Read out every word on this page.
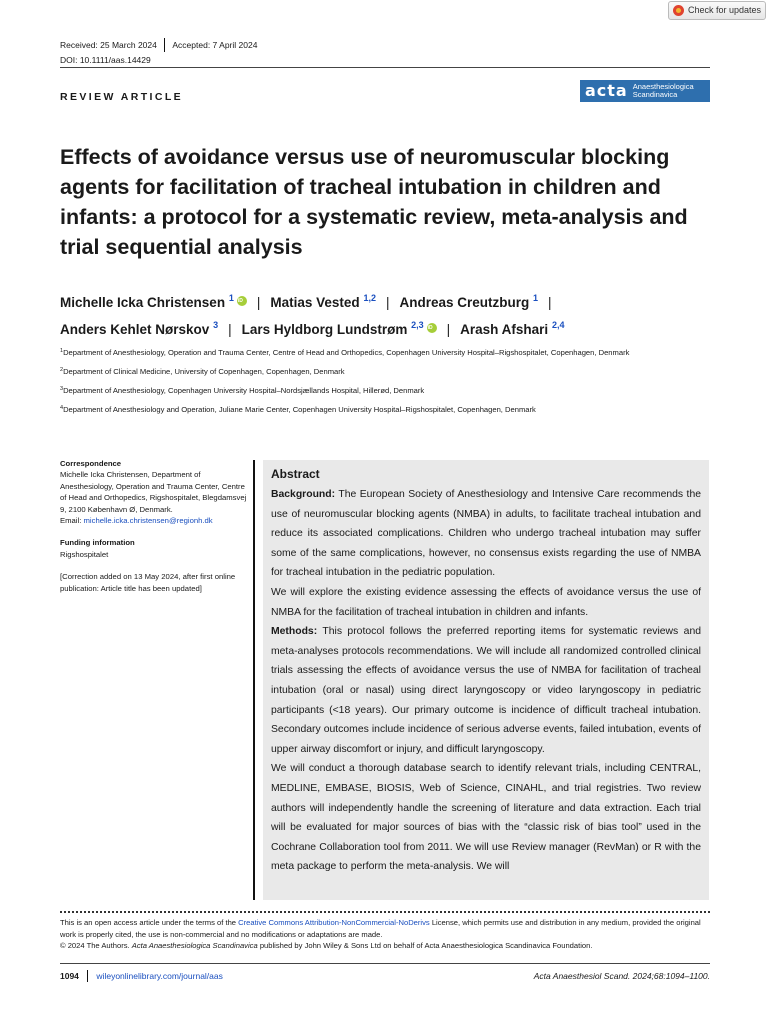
Check for updates
Received: 25 March 2024 Accepted: 7 April 2024
DOI: 10.1111/aas.14429
REVIEW ARTICLE	acta Anaesthesiologica
Scandinavica
Effects of avoidance versus use of neuromuscular blocking agents for facilitation of tracheal intubation in children and infants: a protocol for a systematic review, meta-analysis and trial sequential analysis
Michelle Icka Christensen $^1$ iD | Matias Vested $^{1,2}$ | Andreas Creutzburg $^1$ |
Anders Kehlet Nørskov $^3$ | Lars Hyldborg Lundstrøm $^{2,3}$ iD | Arash Afshari $^{2,4}$

$^1$Department of Anesthesiology, Operation and Trauma Center, Centre of Head and Orthopedics, Copenhagen University Hospital–Rigshospitalet, Copenhagen, Denmark

$^2$Department of Clinical Medicine, University of Copenhagen, Copenhagen, Denmark

$^3$Department of Anesthesiology, Copenhagen University Hospital–Nordsjællands Hospital, Hillerød, Denmark

$^4$Department of Anesthesiology and Operation, Juliane Marie Center, Copenhagen University Hospital–Rigshospitalet, Copenhagen, Denmark

Correspondence
Michelle Icka Christensen, Department of Anesthesiology, Operation and Trauma Center, Centre of Head and Orthopedics, Rigshospitalet, Blegdamsvej 9, 2100 København Ø, Denmark.
Email: michelle.icka.christensen@regionh.dk
Funding information
Rigshospitalet
[Correction added on 13 May 2024, after first online publication: Article title has been updated]
Abstract

Background: The European Society of Anesthesiology and Intensive Care recommends the use of neuromuscular blocking agents (NMBA) in adults, to facilitate tracheal intubation and reduce its associated complications. Children who undergo tracheal intubation may suffer some of the same complications, however, no consensus exists regarding the use of NMBA for tracheal intubation in the pediatric population.

We will explore the existing evidence assessing the effects of avoidance versus the use of NMBA for the facilitation of tracheal intubation in children and infants.

Methods: This protocol follows the preferred reporting items for systematic reviews and meta-analyses protocols recommendations. We will include all randomized controlled clinical trials assessing the effects of avoidance versus the use of NMBA for facilitation of tracheal intubation (oral or nasal) using direct laryngoscopy or video laryngoscopy in pediatric participants (<18 years). Our primary outcome is incidence of difficult tracheal intubation. Secondary outcomes include incidence of serious adverse events, failed intubation, events of upper airway discomfort or injury, and difficult laryngoscopy.

We will conduct a thorough database search to identify relevant trials, including CENTRAL, MEDLINE, EMBASE, BIOSIS, Web of Science, CINAHL, and trial registries. Two review authors will independently handle the screening of literature and data extraction. Each trial will be evaluated for major sources of bias with the “classic risk of bias tool” used in the Cochrane Collaboration tool from 2011. We will use Review manager (RevMan) or R with the meta package to perform the meta-analysis. We will

This is an open access article under the terms of the Creative Commons Attribution-NonCommercial-NoDerivs License, which permits use and distribution in any medium, provided the original work is properly cited, the use is non-commercial and no modifications or adaptations are made.
© 2024 The Authors. Acta Anaesthesiologica Scandinavica published by John Wiley & Sons Ltd on behalf of Acta Anaesthesiologica Scandinavica Foundation.
1094 wileyonlinelibrary.com/journal/aas	Acta Anaesthesiol Scand. 2024;68:1094–1100.
